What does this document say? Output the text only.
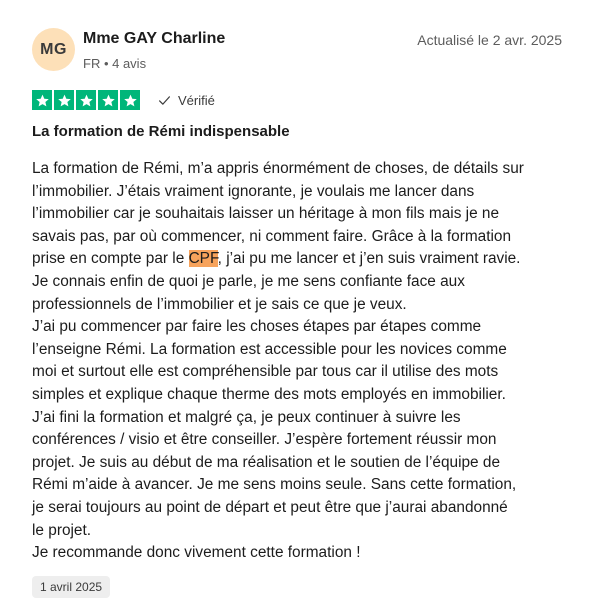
MG
Mme GAY Charline
FR • 4 avis
Actualisé le 2 avr. 2025
Vérifié
La formation de Rémi indispensable

La formation de Rémi, m’a appris énormément de choses, de détails sur
l’immobilier. J’étais vraiment ignorante, je voulais me lancer dans
l’immobilier car je souhaitais laisser un héritage à mon fils mais je ne
savais pas, par où commencer, ni comment faire. Grâce à la formation
prise en compte par le CPF, j’ai pu me lancer et j’en suis vraiment ravie.
Je connais enfin de quoi je parle, je me sens confiante face aux
professionnels de l’immobilier et je sais ce que je veux.
J’ai pu commencer par faire les choses étapes par étapes comme
l’enseigne Rémi. La formation est accessible pour les novices comme
moi et surtout elle est compréhensible par tous car il utilise des mots
simples et explique chaque therme des mots employés en immobilier.
J’ai fini la formation et malgré ça, je peux continuer à suivre les
conférences / visio et être conseiller. J’espère fortement réussir mon
projet. Je suis au début de ma réalisation et le soutien de l’équipe de
Rémi m’aide à avancer. Je me sens moins seule. Sans cette formation,
je serai toujours au point de départ et peut être que j’aurai abandonné
le projet.
Je recommande donc vivement cette formation !

1 avril 2025
